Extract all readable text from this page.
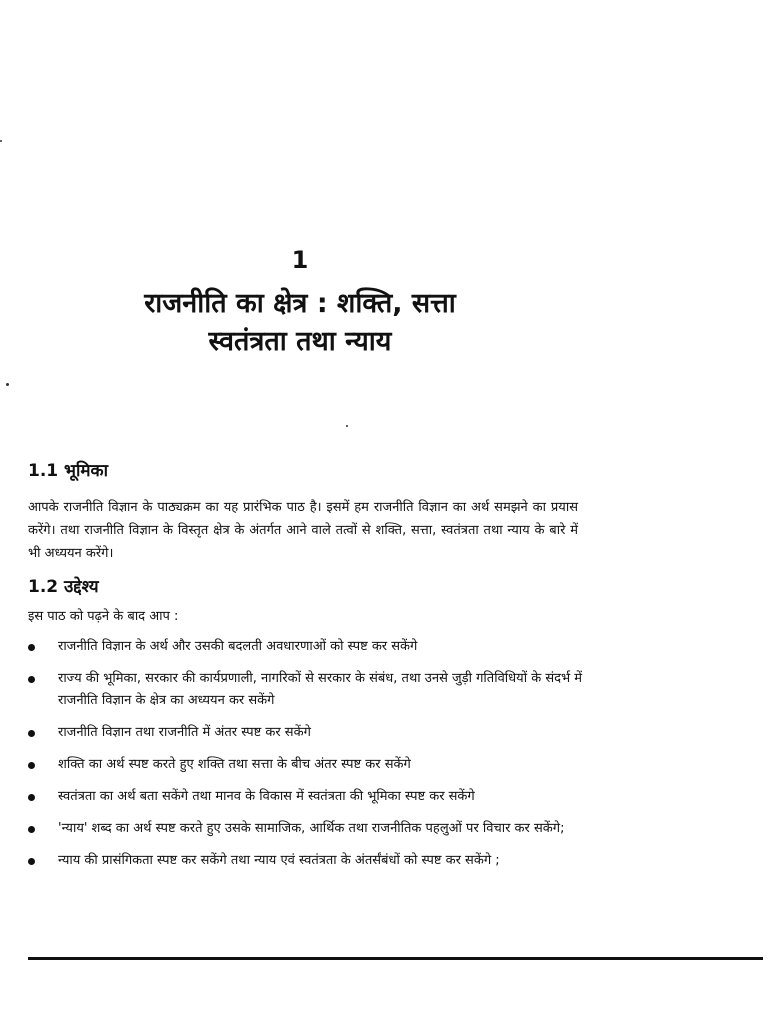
1
राजनीति का क्षेत्र : शक्ति, सत्ता
स्वतंत्रता तथा न्याय
1.1 भूमिका
आपके राजनीति विज्ञान के पाठ्यक्रम का यह प्रारंभिक पाठ है। इसमें हम राजनीति विज्ञान का अर्थ समझने का प्रयास करेंगे। तथा राजनीति विज्ञान के विस्तृत क्षेत्र के अंतर्गत आने वाले तत्वों से शक्ति, सत्ता, स्वतंत्रता तथा न्याय के बारे में भी अध्ययन करेंगे।
1.2 उद्देश्य
इस पाठ को पढ़ने के बाद आप :
राजनीति विज्ञान के अर्थ और उसकी बदलती अवधारणाओं को स्पष्ट कर सकेंगे
राज्य की भूमिका, सरकार की कार्यप्रणाली, नागरिकों से सरकार के संबंध, तथा उनसे जुड़ी गतिविधियों के संदर्भ में राजनीति विज्ञान के क्षेत्र का अध्ययन कर सकेंगे
राजनीति विज्ञान तथा राजनीति में अंतर स्पष्ट कर सकेंगे
शक्ति का अर्थ स्पष्ट करते हुए शक्ति तथा सत्ता के बीच अंतर स्पष्ट कर सकेंगे
स्वतंत्रता का अर्थ बता सकेंगे तथा मानव के विकास में स्वतंत्रता की भूमिका स्पष्ट कर सकेंगे
'न्याय' शब्द का अर्थ स्पष्ट करते हुए उसके सामाजिक, आर्थिक तथा राजनीतिक पहलुओं पर विचार कर सकेंगे;
न्याय की प्रासंगिकता स्पष्ट कर सकेंगे तथा न्याय एवं स्वतंत्रता के अंतर्संबंधों को स्पष्ट कर सकेंगे ;
